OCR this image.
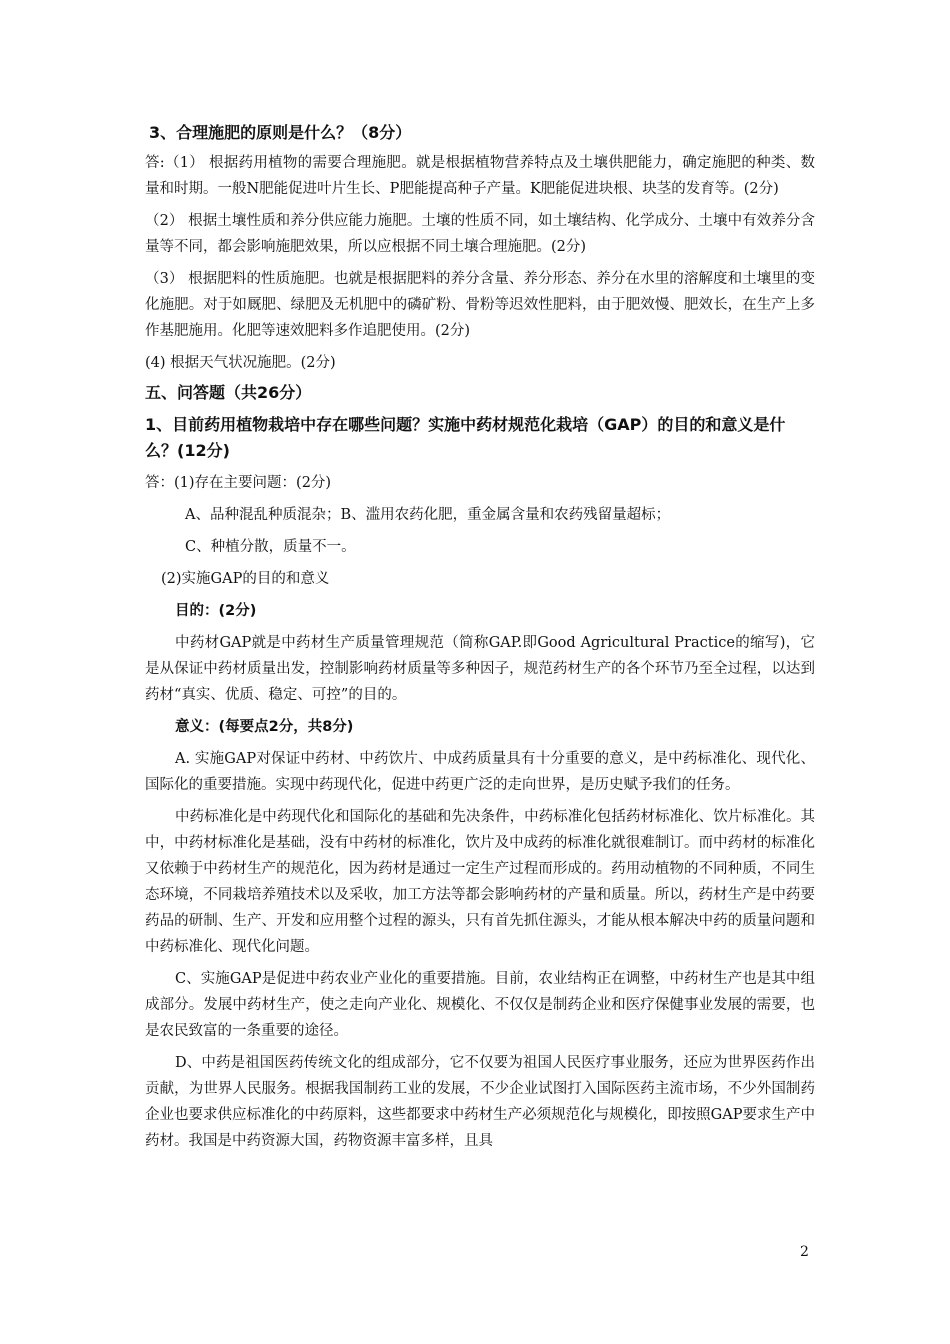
3、合理施肥的原则是什么？（8分）

答:（1） 根据药用植物的需要合理施肥。就是根据植物营养特点及土壤供肥能力，确定施肥的种类、数量和时期。一般N肥能促进叶片生长、P肥能提高种子产量。K肥能促进块根、块茎的发育等。(2分)

（2） 根据土壤性质和养分供应能力施肥。土壤的性质不同，如土壤结构、化学成分、土壤中有效养分含量等不同，都会影响施肥效果，所以应根据不同土壤合理施肥。(2分)

（3） 根据肥料的性质施肥。也就是根据肥料的养分含量、养分形态、养分在水里的溶解度和土壤里的变化施肥。对于如厩肥、绿肥及无机肥中的磷矿粉、骨粉等迟效性肥料，由于肥效慢、肥效长，在生产上多作基肥施用。化肥等速效肥料多作追肥使用。(2分)

(4) 根据天气状况施肥。(2分)

五、问答题（共26分）
1、目前药用植物栽培中存在哪些问题？实施中药材规范化栽培（GAP）的目的和意义是什么？(12分)

答：(1)存在主要问题：(2分)

A、品种混乱种质混杂；B、滥用农药化肥，重金属含量和农药残留量超标；

C、种植分散，质量不一。

(2)实施GAP的目的和意义

目的：(2分)

中药材GAP就是中药材生产质量管理规范（简称GAP.即Good Agricultural Practice的缩写)，它是从保证中药材质量出发，控制影响药材质量等多种因子，规范药材生产的各个环节乃至全过程，以达到药材“真实、优质、稳定、可控”的目的。

意义：(每要点2分，共8分)

A. 实施GAP对保证中药材、中药饮片、中成药质量具有十分重要的意义，是中药标准化、现代化、国际化的重要措施。实现中药现代化，促进中药更广泛的走向世界，是历史赋予我们的任务。

中药标准化是中药现代化和国际化的基础和先决条件，中药标准化包括药材标准化、饮片标准化。其中，中药材标准化是基础，没有中药材的标准化，饮片及中成药的标准化就很难制订。而中药材的标准化又依赖于中药材生产的规范化，因为药材是通过一定生产过程而形成的。药用动植物的不同种质，不同生态环境，不同栽培养殖技术以及采收，加工方法等都会影响药材的产量和质量。所以，药材生产是中药要药品的研制、生产、开发和应用整个过程的源头，只有首先抓住源头，才能从根本解决中药的质量问题和中药标准化、现代化问题。

C、实施GAP是促进中药农业产业化的重要措施。目前，农业结构正在调整，中药材生产也是其中组成部分。发展中药材生产，使之走向产业化、规模化、不仅仅是制药企业和医疗保健事业发展的需要，也是农民致富的一条重要的途径。

D、中药是祖国医药传统文化的组成部分，它不仅要为祖国人民医疗事业服务，还应为世界医药作出贡献，为世界人民服务。根据我国制药工业的发展，不少企业试图打入国际医药主流市场，不少外国制药企业也要求供应标准化的中药原料，这些都要求中药材生产必须规范化与规模化，即按照GAP要求生产中药材。我国是中药资源大国，药物资源丰富多样，且具

2
